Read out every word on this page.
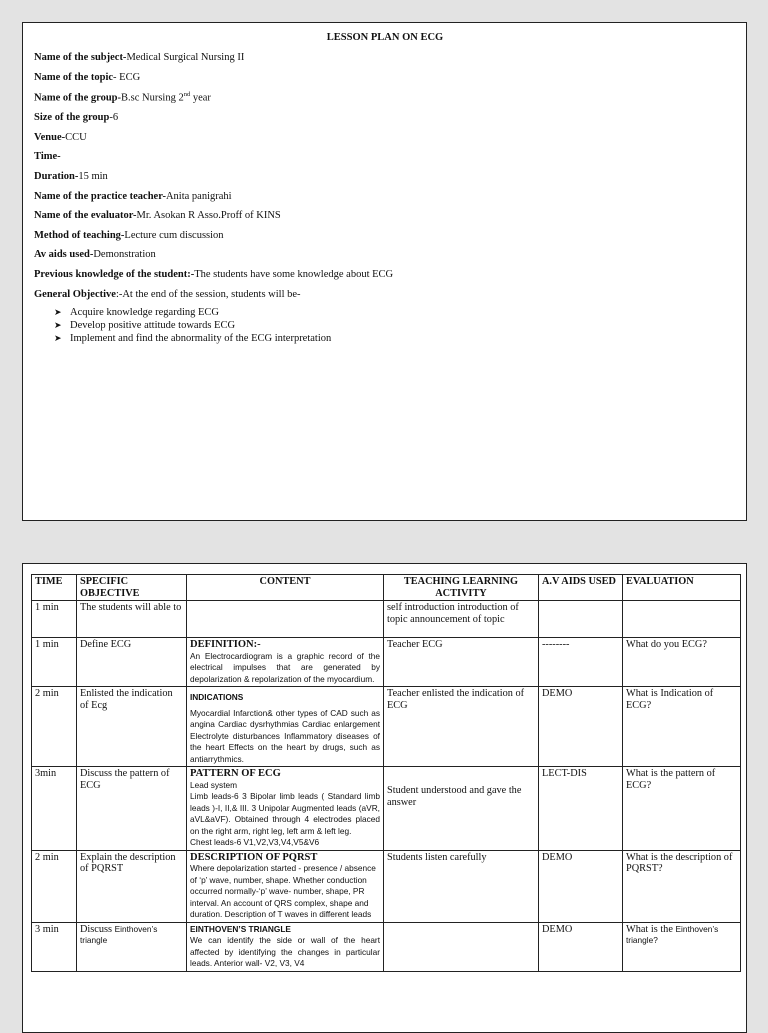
LESSON PLAN ON ECG
Name of the subject-Medical Surgical Nursing II
Name of the topic- ECG
Name of the group-B.sc Nursing 2nd year
Size of the group-6
Venue-CCU
Time-
Duration-15 min
Name of the practice teacher-Anita panigrahi
Name of the evaluator-Mr. Asokan R Asso.Proff of KINS
Method of teaching-Lecture cum discussion
Av aids used-Demonstration
Previous knowledge of the student:-The students have some knowledge about ECG
General Objective:-At the end of the session, students will be-
➤ Acquire knowledge regarding ECG
➤ Develop positive attitude towards ECG
➤ Implement and find the abnormality of the ECG interpretation
TIME	SPECIFIC OBJECTIVE	CONTENT	TEACHING LEARNING ACTIVITY	A.V AIDS USED	EVALUATION
1 min	The students will able to		self introduction introduction of topic announcement of topic		
1 min	Define ECG	DEFINITION:-
An Electrocardiogram is a graphic record of the electrical impulses that are generated by depolarization & repolarization of the myocardium.	Teacher ECG	--------	What do you ECG?
2 min	Enlisted the indication of Ecg	INDICATIONS
Myocardial Infarction& other types of CAD such as angina Cardiac dysrhythmias Cardiac enlargement Electrolyte disturbances Inflammatory diseases of the heart Effects on the heart by drugs, such as antiarrythmics.	Teacher enlisted the indication of ECG	DEMO	What is Indication of ECG?
3min	Discuss the pattern of ECG	PATTERN OF ECG
Lead system
Limb leads-6 3 Bipolar limb leads ( Standard limb leads )-I, II,& III. 3 Unipolar Augmented leads (aVR, aVL&aVF). Obtained through 4 electrodes placed on the right arm, right leg, left arm & left leg.
Chest leads-6 V1,V2,V3,V4,V5&V6	Student understood and gave the answer	LECT-DIS	What is the pattern of ECG?
2 min	Explain the description of PQRST	DESCRIPTION OF PQRST
Where depolarization started - presence / absence of ‘p’ wave, number, shape. Whether conduction occurred normally-‘p’ wave- number, shape, PR interval. An account of QRS complex, shape and duration. Description of T waves in different leads	Students listen carefully	DEMO	What is the description of PQRST?
3 min	Discuss Einthoven’s triangle	EINTHOVEN’S TRIANGLE
We can identify the side or wall of the heart affected by identifying the changes in particular leads. Anterior wall- V2, V3, V4		DEMO	What is the Einthoven’s triangle?
